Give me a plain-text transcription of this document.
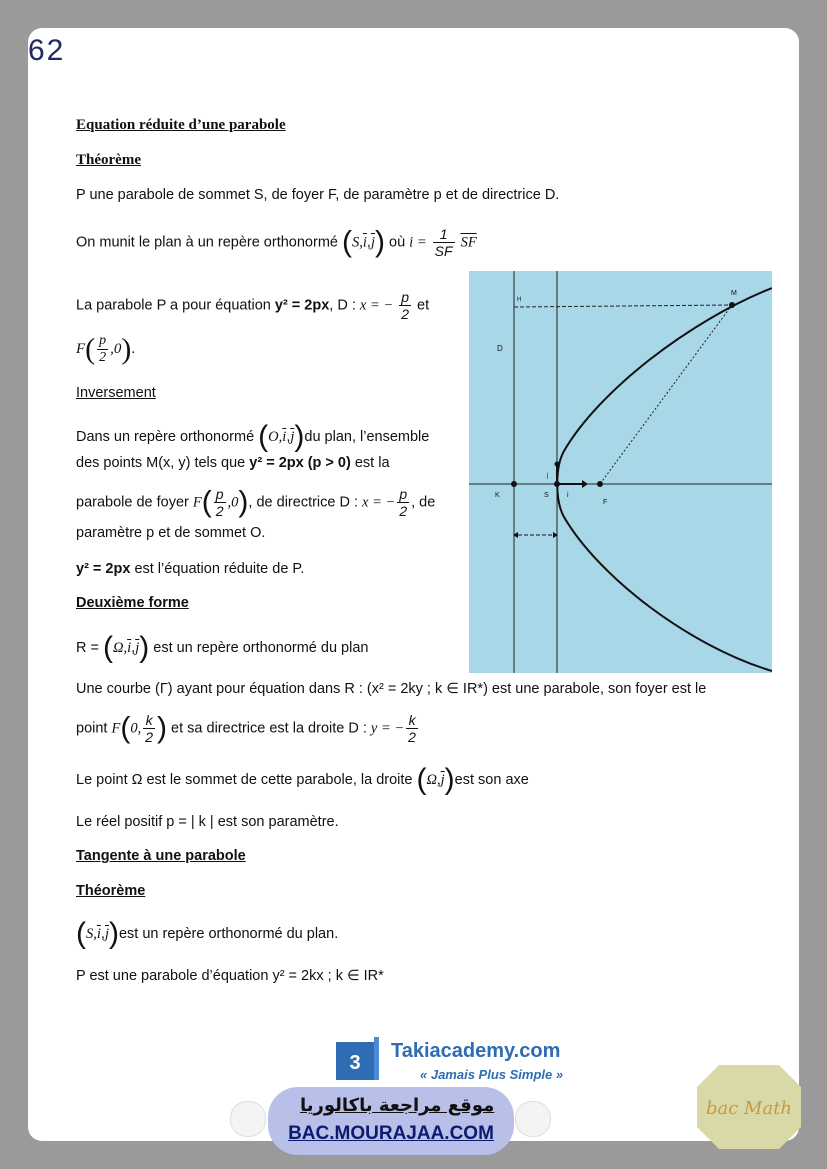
62
Equation réduite d’une parabole
Théorème
P une parabole de sommet S, de foyer F, de paramètre p et de directrice D.
On munit le plan à un repère orthonormé $(S,\overline{i},\overline{j})$ où $i = \frac{1}{SF} \overline{SF}$
La parabole P a pour équation y² = 2px, D : x = − $\frac{p}{2}$ et
$F( \frac{p}{2} ,0)$.
Inversement
Dans un repère orthonormé $(O,\overline{i},\overline{j})du$ plan, l’ensemble
des points M(x, y) tels que y² = 2px (p > 0) est la
parabole de foyer $F( \frac{p}{2} ,0)$, de directrice D : x = − $\frac{p}{2}$ , de
paramètre p et de sommet O.
y² = 2px est l’équation réduite de P.
Deuxième forme
$R = (\Omega,\overline{i},\overline{j})$ est un repère orthonormé du plan
Une courbe (Γ) ayant pour équation dans R : (x² = 2ky ; k ∈ IR*) est une parabole, son foyer est le
point F(0, $\frac{k}{2}$ ) et sa directrice est la droite D : y = − $\frac{k}{2}$
Le point Ω est le sommet de cette parabole, la droite $(\Omega,\overline{j})est$ son axe
Le réel positif p = | k | est son paramètre.
Tangente à une parabole
Théorème
$(S,\overline{i},\overline{j})est$ un repère orthonormé du plan.
P est une parabole d’équation y² = 2kx ; k ∈ IR*
D
H
M
K	S	i
j
F
3
Takiacademy.com
« Jamais Plus Simple »
موقع مراجعة باكالوريا
BAC.MOURAJAA.COM
bac Math
